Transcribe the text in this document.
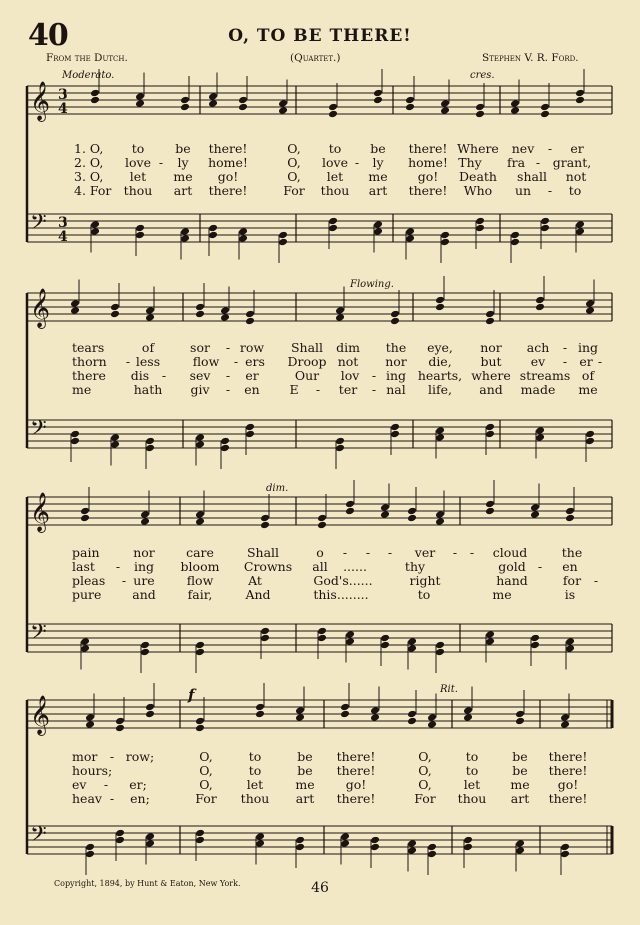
40	O, TO BE THERE!
From the Dutch.	(Quartet.)	Stephen V. R. Ford.
Moderato.	cres.
Flowing.
dim.
f	Rit.
𝄞 3
4
𝄢 3
4
𝄞
𝄢
𝄞
𝄢
𝄞
𝄢
1. O, to be there!	O, to be there! Where nev - er
2. O, love - ly home!	O, love - ly home! Thy fra - grant,
3. O, let me go!	O, let me go! Death shall not
4. For thou art there!	For thou art there! Who un - to
tears	of	sor - row Shall dim the eye, nor ach - ing
thorn - less	flow - ers Droop not nor die, but ev - er -
there dis - sev - er	Our lov - ing hearts, where streams of
me	hath giv - en E - ter - nal life, and made me
pain	nor	care	Shall	o - - - ver - - cloud	the
last - ing bloom Crowns all ......	thy	gold - en
pleas - ure	flow	At	God's......	right	hand	for -
pure and	fair,	And	this........	to	me	is
mor - row;	O,	to	be there!	O,	to	be there!
hours;	O,	to	be there!	O,	to	be there!
ev - er;	O,	let	me go!	O,	let me go!
heav - en;	For thou art there!	For thou art there!
Copyright, 1894, by Hunt & Eaton, New York.	46
